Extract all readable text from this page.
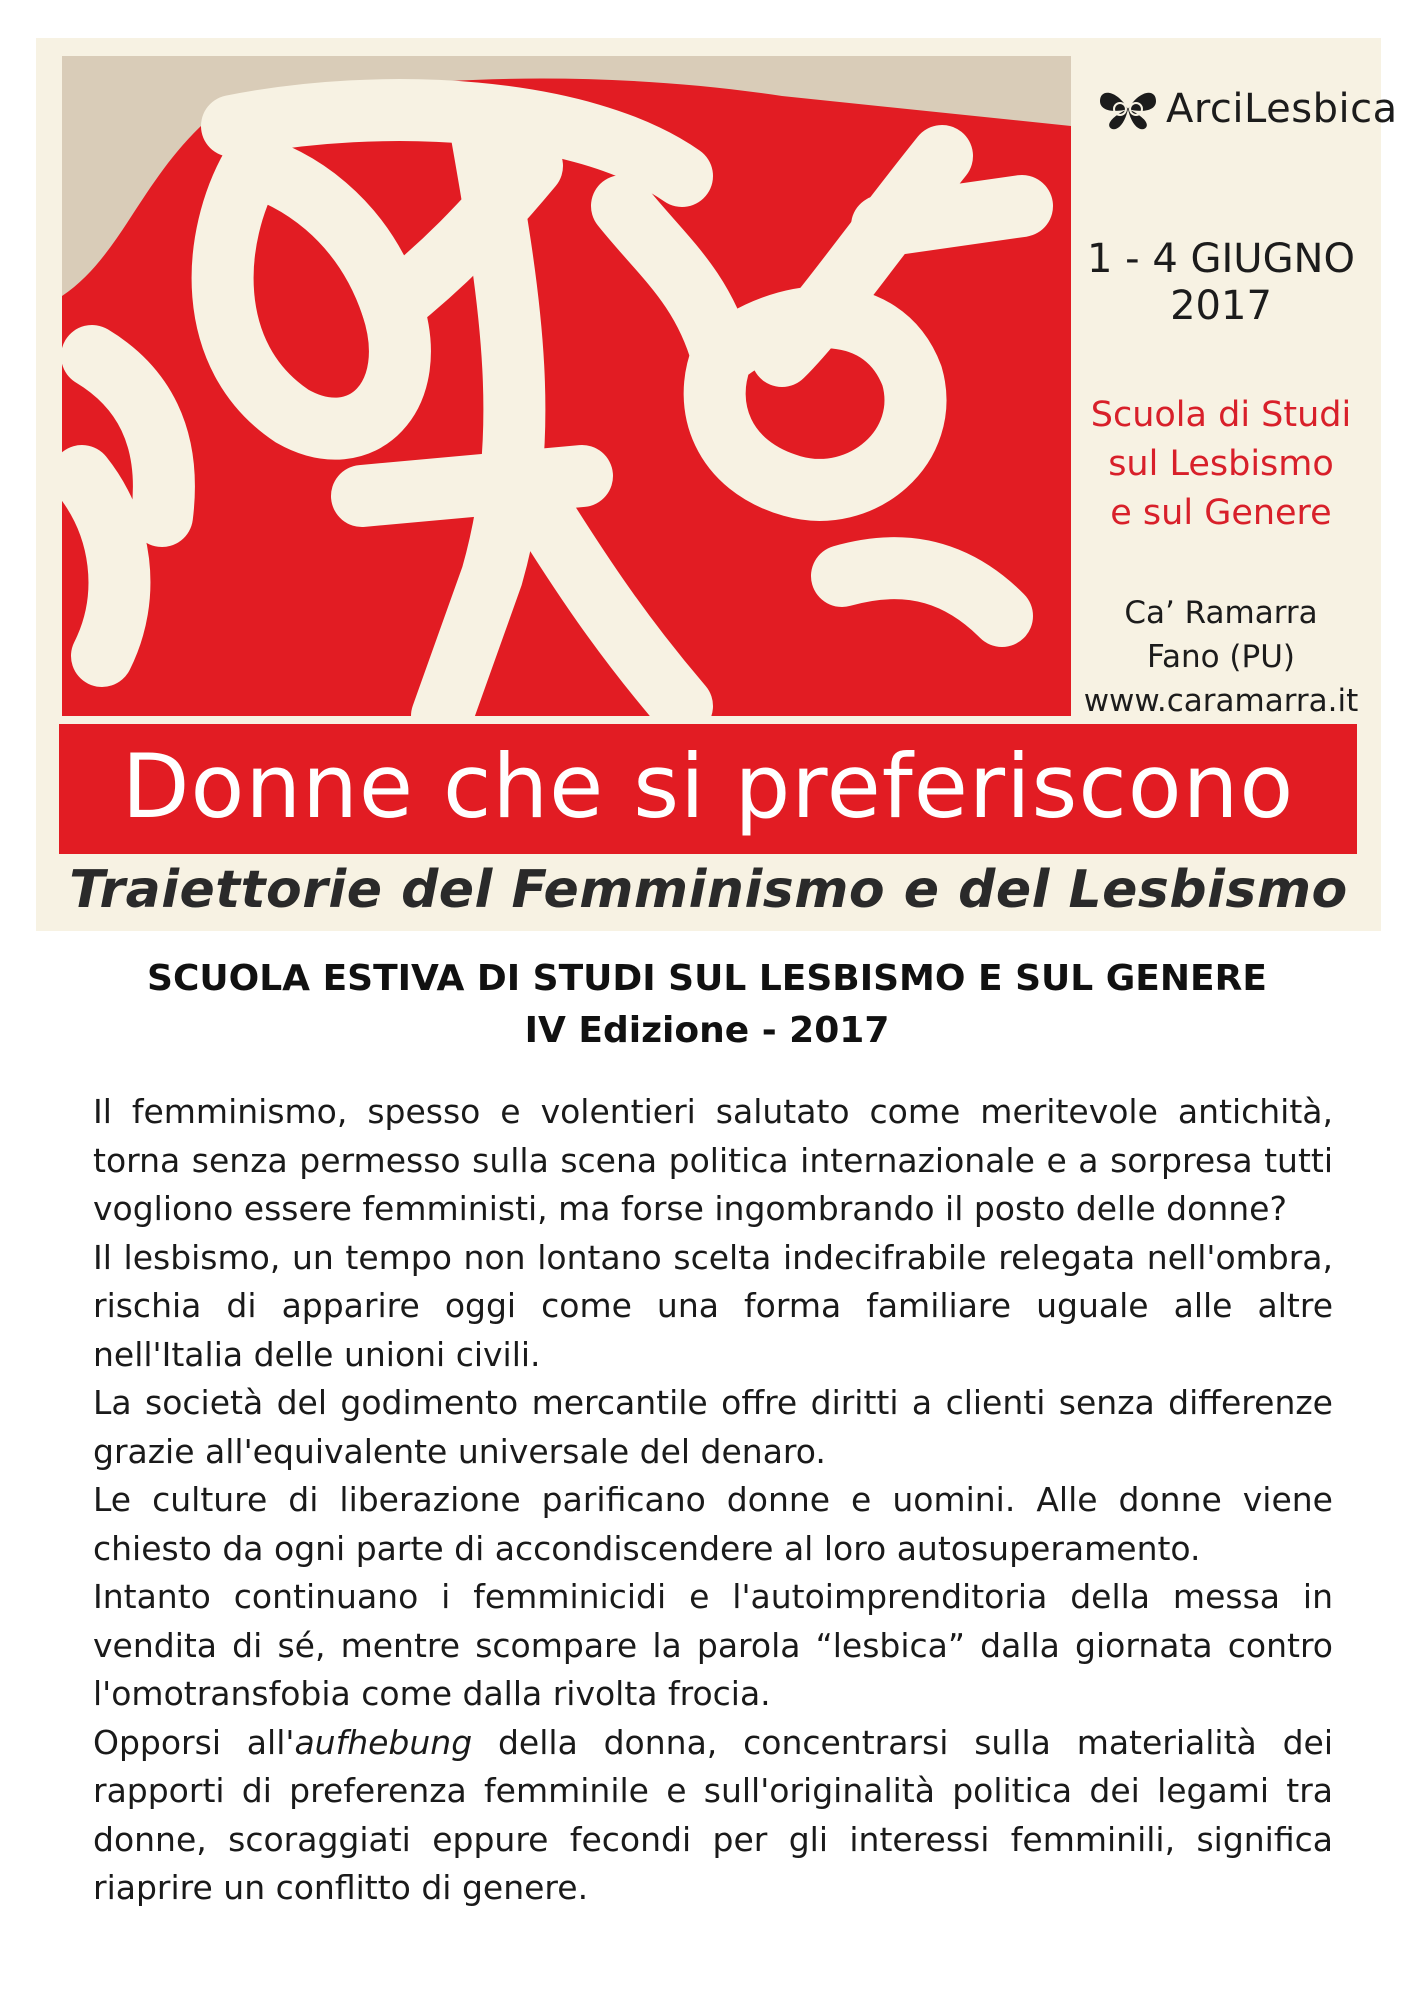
ArciLesbica
1 - 4 GIUGNO
2017
Scuola di Studi
sul Lesbismo
e sul Genere
Ca’ Ramarra
Fano (PU)
www.caramarra.it
Donne che si preferiscono
Traiettorie del Femminismo e del Lesbismo
SCUOLA ESTIVA DI STUDI SUL LESBISMO E SUL GENERE
IV Edizione - 2017

Il femminismo, spesso e volentieri salutato come meritevole antichità, torna senza permesso sulla scena politica internazionale e a sorpresa tutti vogliono essere femministi, ma forse ingombrando il posto delle donne?

Il lesbismo, un tempo non lontano scelta indecifrabile relegata nell'ombra, rischia di apparire oggi come una forma familiare uguale alle altre nell'Italia delle unioni civili.

La società del godimento mercantile offre diritti a clienti senza differenze grazie all'equivalente universale del denaro.

Le culture di liberazione parificano donne e uomini. Alle donne viene chiesto da ogni parte di accondiscendere al loro autosuperamento.

Intanto continuano i femminicidi e l'autoimprenditoria della messa in vendita di sé, mentre scompare la parola “lesbica” dalla giornata contro l'omotransfobia come dalla rivolta frocia.

Opporsi all'aufhebung della donna, concentrarsi sulla materialità dei rapporti di preferenza femminile e sull'originalità politica dei legami tra donne, scoraggiati eppure fecondi per gli interessi femminili, significa riaprire un conflitto di genere.
